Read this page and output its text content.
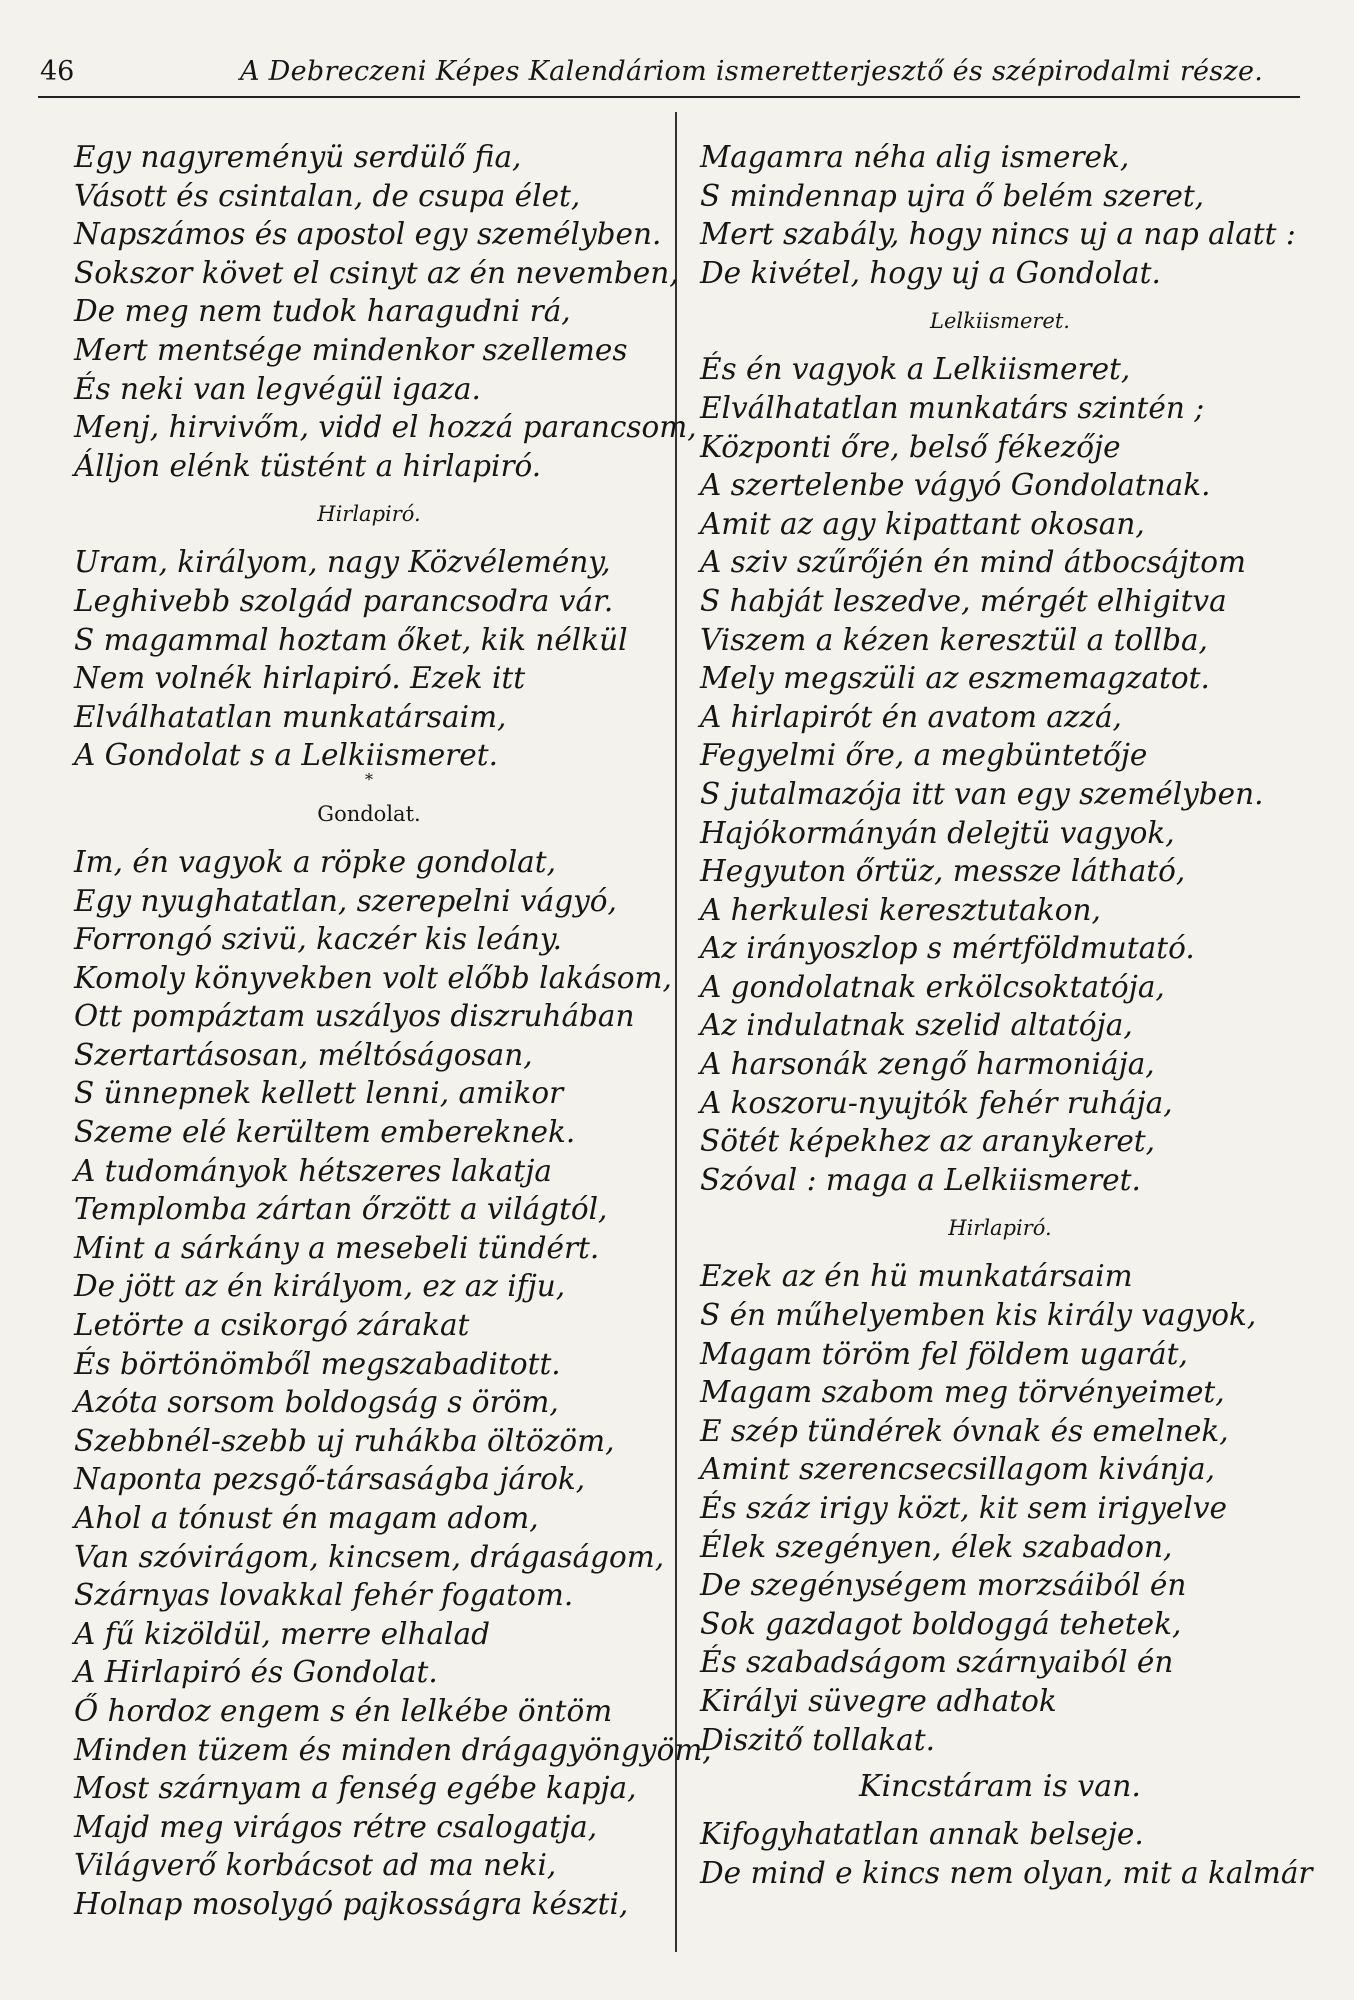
46	A Debreczeni Képes Kalendáriom ismeretterjesztő és szépirodalmi része.
Egy nagyreményü serdülő fia,
Vásott és csintalan, de csupa élet,
Napszámos és apostol egy személyben.
Sokszor követ el csinyt az én nevemben,
De meg nem tudok haragudni rá,
Mert mentsége mindenkor szellemes
És neki van legvégül igaza.
Menj, hirvivőm, vidd el hozzá parancsom,
Álljon elénk tüstént a hirlapiró.
Hirlapiró.
Uram, királyom, nagy Közvélemény,
Leghivebb szolgád parancsodra vár.
S magammal hoztam őket, kik nélkül
Nem volnék hirlapiró. Ezek itt
Elválhatatlan munkatársaim,
A Gondolat s a Lelkiismeret.
*
Gondolat.
Im, én vagyok a röpke gondolat,
Egy nyughatatlan, szerepelni vágyó,
Forrongó szivü, kaczér kis leány.
Komoly könyvekben volt előbb lakásom,
Ott pompáztam uszályos diszruhában
Szertartásosan, méltóságosan,
S ünnepnek kellett lenni, amikor
Szeme elé kerültem embereknek.
A tudományok hétszeres lakatja
Templomba zártan őrzött a világtól,
Mint a sárkány a mesebeli tündért.
De jött az én királyom, ez az ifju,
Letörte a csikorgó zárakat
És börtönömből megszabaditott.
Azóta sorsom boldogság s öröm,
Szebbnél-szebb uj ruhákba öltözöm,
Naponta pezsgő-társaságba járok,
Ahol a tónust én magam adom,
Van szóvirágom, kincsem, drágaságom,
Szárnyas lovakkal fehér fogatom.
A fű kizöldül, merre elhalad
A Hirlapiró és Gondolat.
Ő hordoz engem s én lelkébe öntöm
Minden tüzem és minden drágagyöngyöm,
Most szárnyam a fenség egébe kapja,
Majd meg virágos rétre csalogatja,
Világverő korbácsot ad ma neki,
Holnap mosolygó pajkosságra készti,
Magamra néha alig ismerek,
S mindennap ujra ő belém szeret,
Mert szabály, hogy nincs uj a nap alatt :
De kivétel, hogy uj a Gondolat.
Lelkiismeret.
És én vagyok a Lelkiismeret,
Elválhatatlan munkatárs szintén ;
Központi őre, belső fékezője
A szertelenbe vágyó Gondolatnak.
Amit az agy kipattant okosan,
A sziv szűrőjén én mind átbocsájtom
S habját leszedve, mérgét elhigitva
Viszem a kézen keresztül a tollba,
Mely megszüli az eszmemagzatot.
A hirlapirót én avatom azzá,
Fegyelmi őre, a megbüntetője
S jutalmazója itt van egy személyben.
Hajókormányán delejtü vagyok,
Hegyuton őrtüz, messze látható,
A herkulesi keresztutakon,
Az irányoszlop s mértföldmutató.
A gondolatnak erkölcsoktatója,
Az indulatnak szelid altatója,
A harsonák zengő harmoniája,
A koszoru-nyujtók fehér ruhája,
Sötét képekhez az aranykeret,
Szóval : maga a Lelkiismeret.
Hirlapiró.
Ezek az én hü munkatársaim
S én műhelyemben kis király vagyok,
Magam töröm fel földem ugarát,
Magam szabom meg törvényeimet,
E szép tündérek óvnak és emelnek,
Amint szerencsecsillagom kivánja,
És száz irigy közt, kit sem irigyelve
Élek szegényen, élek szabadon,
De szegénységem morzsáiból én
Sok gazdagot boldoggá tehetek,
És szabadságom szárnyaiból én
Királyi süvegre adhatok
Diszitő tollakat.
Kincstáram is van.
Kifogyhatatlan annak belseje.
De mind e kincs nem olyan, mit a kalmár
